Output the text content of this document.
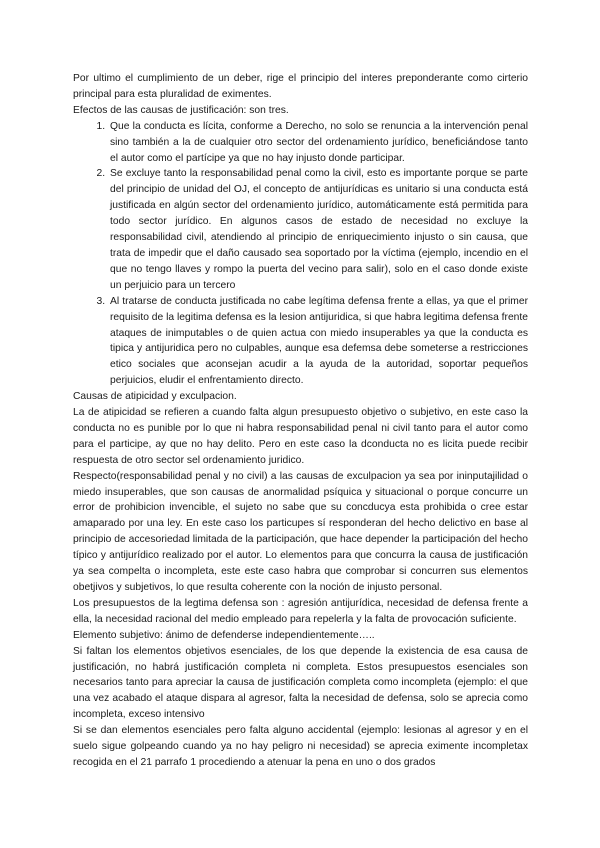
Por ultimo el cumplimiento de un deber, rige el principio del interes preponderante como cirterio principal para esta pluralidad de eximentes.

Efectos de las causas de justificación: son tres.

1. Que la conducta es lícita, conforme a Derecho, no solo se renuncia a la intervención penal sino también a la de cualquier otro sector del ordenamiento jurídico, beneficiándose tanto el autor como el partícipe ya que no hay injusto donde participar.
2. Se excluye tanto la responsabilidad penal como la civil, esto es importante porque se parte del principio de unidad del OJ, el concepto de antijurídicas es unitario si una conducta está justificada en algún sector del ordenamiento jurídico, automáticamente está permitida para todo sector jurídico. En algunos casos de estado de necesidad no excluye la responsabilidad civil, atendiendo al principio de enriquecimiento injusto o sin causa, que trata de impedir que el daño causado sea soportado por la víctima (ejemplo, incendio en el que no tengo llaves y rompo la puerta del vecino para salir), solo en el caso donde existe un perjuicio para un tercero
3. Al tratarse de conducta justificada no cabe legítima defensa frente a ellas, ya que el primer requisito de la legitima defensa es la lesion antijuridica, si que habra legitima defensa frente ataques de inimputables o de quien actua con miedo insuperables ya que la conducta es tipica y antijuridica pero no culpables, aunque esa defemsa debe someterse a restricciones etico sociales que aconsejan acudir a la ayuda de la autoridad, soportar pequeños perjuicios, eludir el enfrentamiento directo.

Causas de atipicidad y exculpacion.

La de atipicidad se refieren a cuando falta algun presupuesto objetivo o subjetivo, en este caso la conducta no es punible por lo que ni habra responsabilidad penal ni civil tanto para el autor como para el participe, ay que no hay delito. Pero en este caso la dconducta no es licita puede recibir respuesta de otro sector sel ordenamiento juridico.

Respecto(responsabilidad penal y no civil) a las causas de exculpacion ya sea por ininputajilidad o miedo insuperables, que son causas de anormalidad psíquica y situacional o porque concurre un error de prohibicion invencible, el sujeto no sabe que su concducya esta prohibida o cree estar amaparado por una ley. En este caso los particupes sí responderan del hecho delictivo en base al principio de accesoriedad limitada de la participación, que hace depender la participación del hecho típico y antijurídico realizado por el autor. Lo elementos para que concurra la causa de justificación ya sea compelta o incompleta, este este caso habra que comprobar si concurren sus elementos obetjivos y subjetivos, lo que resulta coherente con la noción de injusto personal.

Los presupuestos de la legtima defensa son : agresión antijurídica, necesidad de defensa frente a ella, la necesidad racional del medio empleado para repelerla y la falta de provocación suficiente.

Elemento subjetivo: ánimo de defenderse independientemente…..

Si faltan los elementos objetivos esenciales, de los que depende la existencia de esa causa de justificación, no habrá justificación completa ni completa. Estos presupuestos esenciales son necesarios tanto para apreciar la causa de justificación completa como incompleta (ejemplo: el que una vez acabado el ataque dispara al agresor, falta la necesidad de defensa, solo se aprecia como incompleta, exceso intensivo

Si se dan elementos esenciales pero falta alguno accidental (ejemplo: lesionas al agresor y en el suelo sigue golpeando cuando ya no hay peligro ni necesidad) se aprecia eximente incompletax recogida en el 21 parrafo 1 procediendo a atenuar la pena en uno o dos grados
